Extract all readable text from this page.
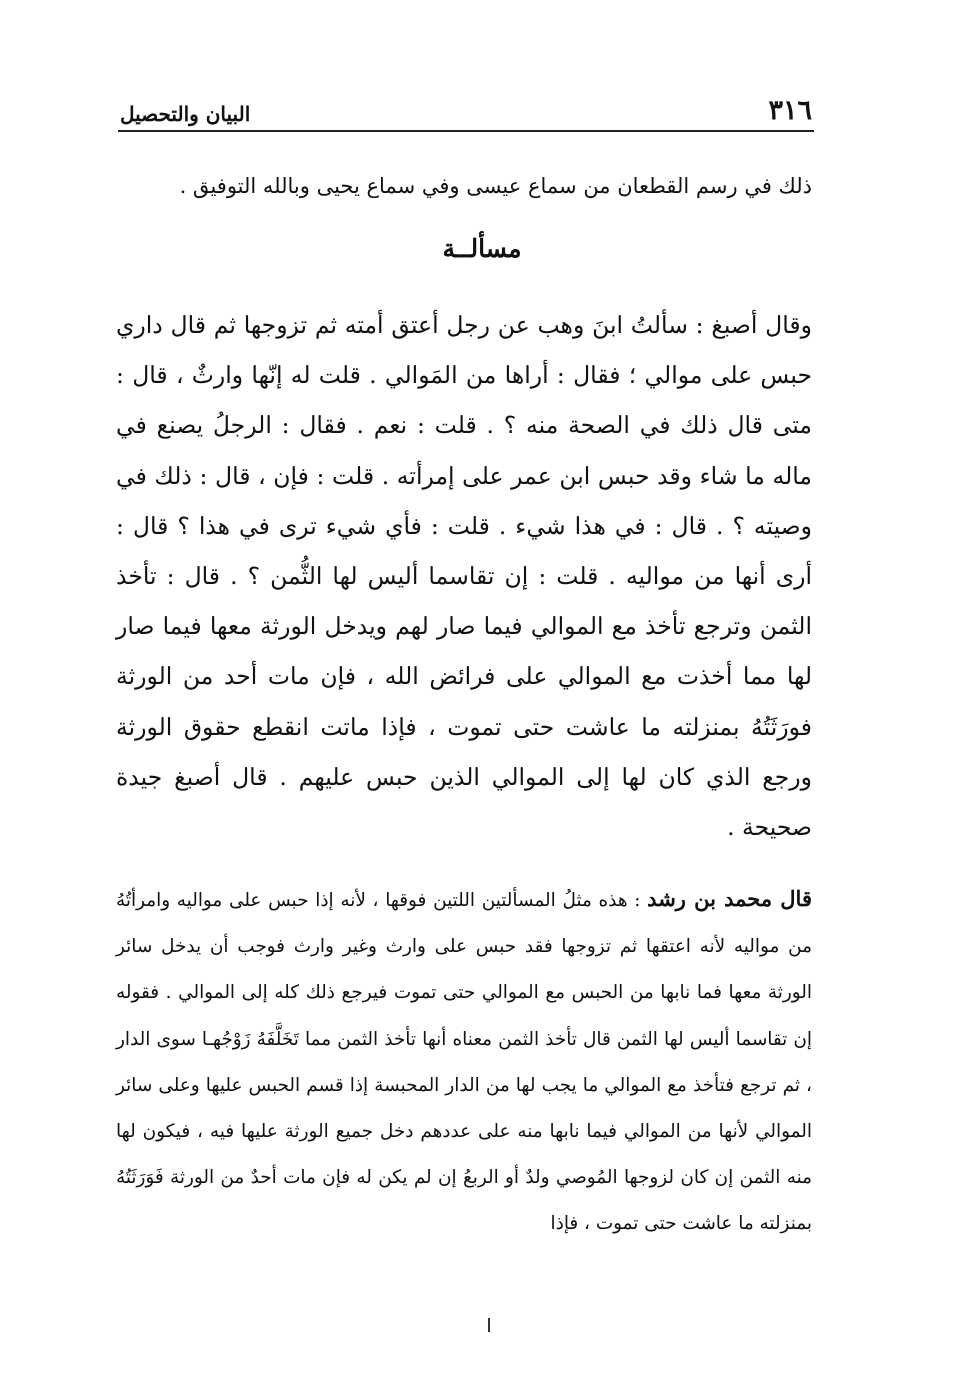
٣١٦
البيان والتحصيل
ذلك في رسم القطعان من سماع عيسى وفي سماع يحيى وبالله التوفيق .
مسألــة
وقال أصبغ : سألتُ ابنَ وهب عن رجل أعتق أمته ثم تزوجها ثم قال داري حبس على موالي ؛ فقال : أراها من المَوالي . قلت له إنّها وارثٌ ، قال : متى قال ذلك في الصحة منه ؟ . قلت : نعم . فقال : الرجلُ يصنع في ماله ما شاء وقد حبس ابن عمر على إمرأته . قلت : فإن ، قال : ذلك في وصيته ؟ . قال : في هذا شيء . قلت : فأي شيء ترى في هذا ؟ قال : أرى أنها من مواليه . قلت : إن تقاسما أليس لها الثُّمن ؟ . قال : تأخذ الثمن وترجع تأخذ مع الموالي فيما صار لهم ويدخل الورثة معها فيما صار لها مما أخذت مع الموالي على فرائض الله ، فإن مات أحد من الورثة فورَثَتُهُ بمنزلته ما عاشت حتى تموت ، فإذا ماتت انقطع حقوق الورثة ورجع الذي كان لها إلى الموالي الذين حبس عليهم . قال أصبغ جيدة صحيحة .
قال محمد بن رشد : هذه مثلُ المسألتين اللتين فوقها ، لأنه إذا حبس على مواليه وامرأتُهُ من مواليه لأنه اعتقها ثم تزوجها فقد حبس على وارث وغير وارث فوجب أن يدخل سائر الورثة معها فما نابها من الحبس مع الموالي حتى تموت فيرجع ذلك كله إلى الموالي . فقوله إن تقاسما أليس لها الثمن قال تأخذ الثمن معناه أنها تأخذ الثمن مما تَخَلَّفَهُ زَوْجُهـا سوى الدار ، ثم ترجع فتأخذ مع الموالي ما يجب لها من الدار المحبسة إذا قسم الحبس عليها وعلى سائر الموالي لأنها من الموالي فيما نابها منه على عددهم دخل جميع الورثة عليها فيه ، فيكون لها منه الثمن إن كان لزوجها المُوصي ولدٌ أو الربعُ إن لم يكن له فإن مات أحدٌ من الورثة فَوَرَثَتُهُ بمنزلته ما عاشت حتى تموت ، فإذا
